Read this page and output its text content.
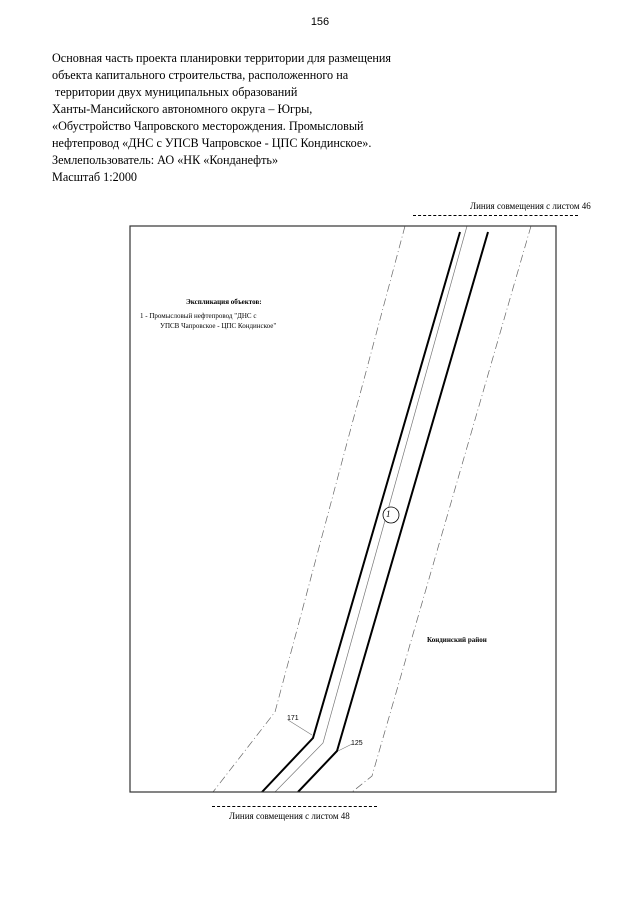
156
Основная часть проекта планировки территории для размещения
объекта капитального строительства, расположенного на
территории двух муниципальных образований
Ханты-Мансийского автономного округа – Югры,
«Обустройство Чапровского месторождения. Промысловый
нефтепровод «ДНС с УПСВ Чапровское - ЦПС Кондинское».
Землепользователь: АО «НК «Конданефть»
Масштаб 1:2000
Линия совмещения с листом 46
Линия совмещения с листом 48
1
Экспликация объектов:
1 - Промысловый нефтепровод "ДНС с
УПСВ Чапровское - ЦПС Кондинское"
Кондинский район
171
125
